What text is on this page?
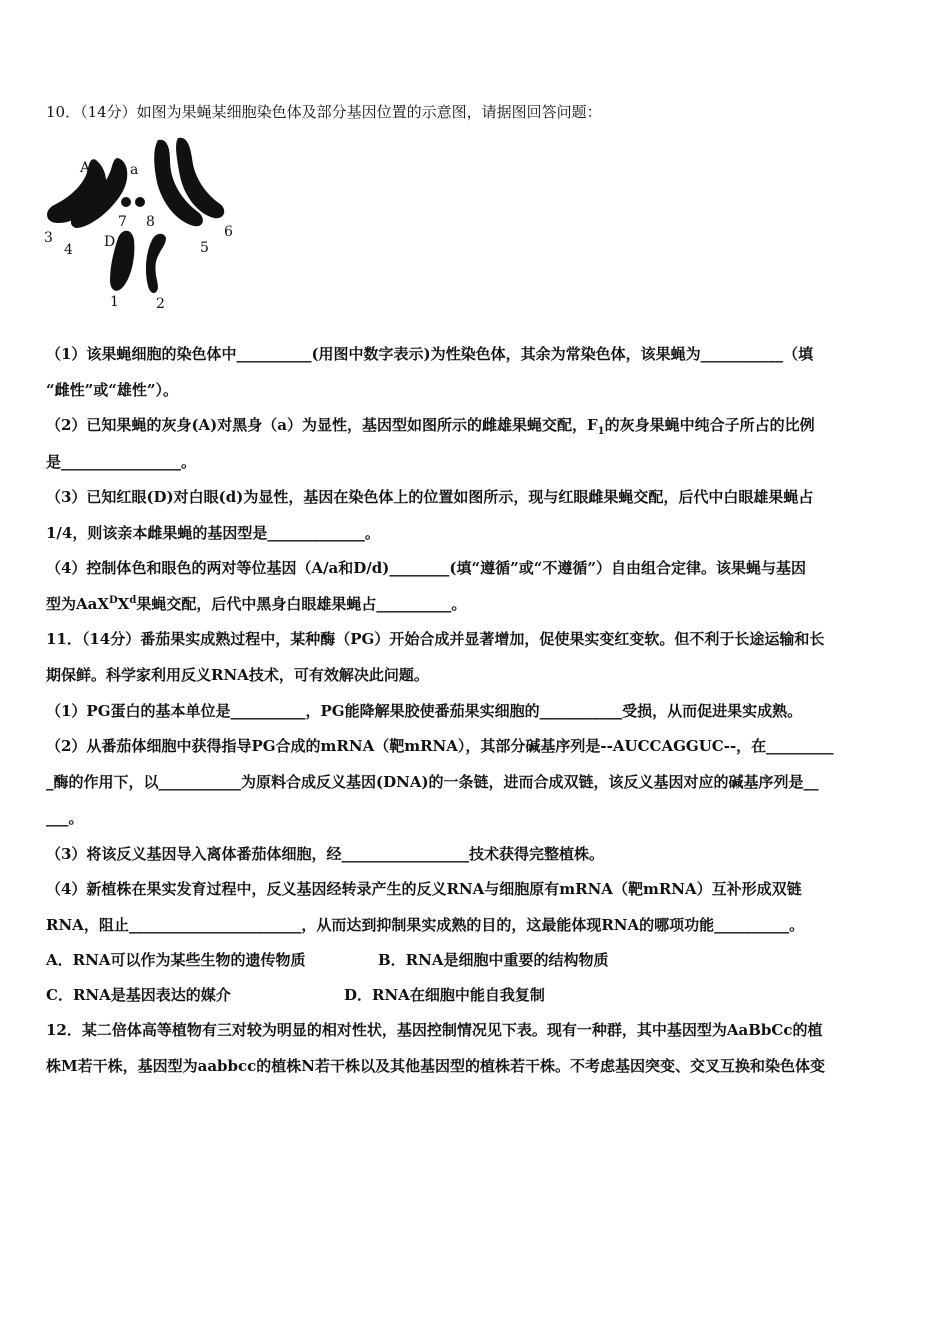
10．（14分）如图为果蝇某细胞染色体及部分基因位置的示意图，请据图回答问题：
A	a
D
1	2
3
4	5
6
7 8
（1）该果蝇细胞的染色体中__________(用图中数字表示)为性染色体，其余为常染色体，该果蝇为___________（填
“雌性”或“雄性”）。
（2）已知果蝇的灰身(A)对黑身（a）为显性，基因型如图所示的雌雄果蝇交配，$F_1$的灰身果蝇中纯合子所占的比例
是________________。
（3）已知红眼(D)对白眼(d)为显性，基因在染色体上的位置如图所示，现与红眼雌果蝇交配，后代中白眼雄果蝇占
1/4，则该亲本雌果蝇的基因型是_____________。
（4）控制体色和眼色的两对等位基因（A/a和D/d)________(填“遵循”或“不遵循”）自由组合定律。该果蝇与基因
型为$AaX^DX^d$果蝇交配，后代中黑身白眼雄果蝇占__________。
11．（14分）番茄果实成熟过程中，某种酶（PG）开始合成并显著增加，促使果实变红变软。但不利于长途运输和长
期保鲜。科学家利用反义RNA技术，可有效解决此问题。
（1）PG蛋白的基本单位是__________，PG能降解果胶使番茄果实细胞的___________受损，从而促进果实成熟。
（2）从番茄体细胞中获得指导PG合成的mRNA（靶mRNA），其部分碱基序列是--AUCCAGGUC--，在_________
_酶的作用下，以___________为原料合成反义基因(DNA)的一条链，进而合成双链，该反义基因对应的碱基序列是__
___。
（3）将该反义基因导入离体番茄体细胞，经_________________技术获得完整植株。
（4）新植株在果实发育过程中，反义基因经转录产生的反义RNA与细胞原有mRNA（靶mRNA）互补形成双链
RNA，阻止_______________________，从而达到抑制果实成熟的目的，这最能体现RNA的哪项功能__________。
A．RNA可以作为某些生物的遗传物质	B．RNA是细胞中重要的结构物质
C．RNA是基因表达的媒介	D．RNA在细胞中能自我复制
12．某二倍体高等植物有三对较为明显的相对性状，基因控制情况见下表。现有一种群，其中基因型为AaBbCc的植
株M若干株，基因型为aabbcc的植株N若干株以及其他基因型的植株若干株。不考虑基因突变、交叉互换和染色体变
